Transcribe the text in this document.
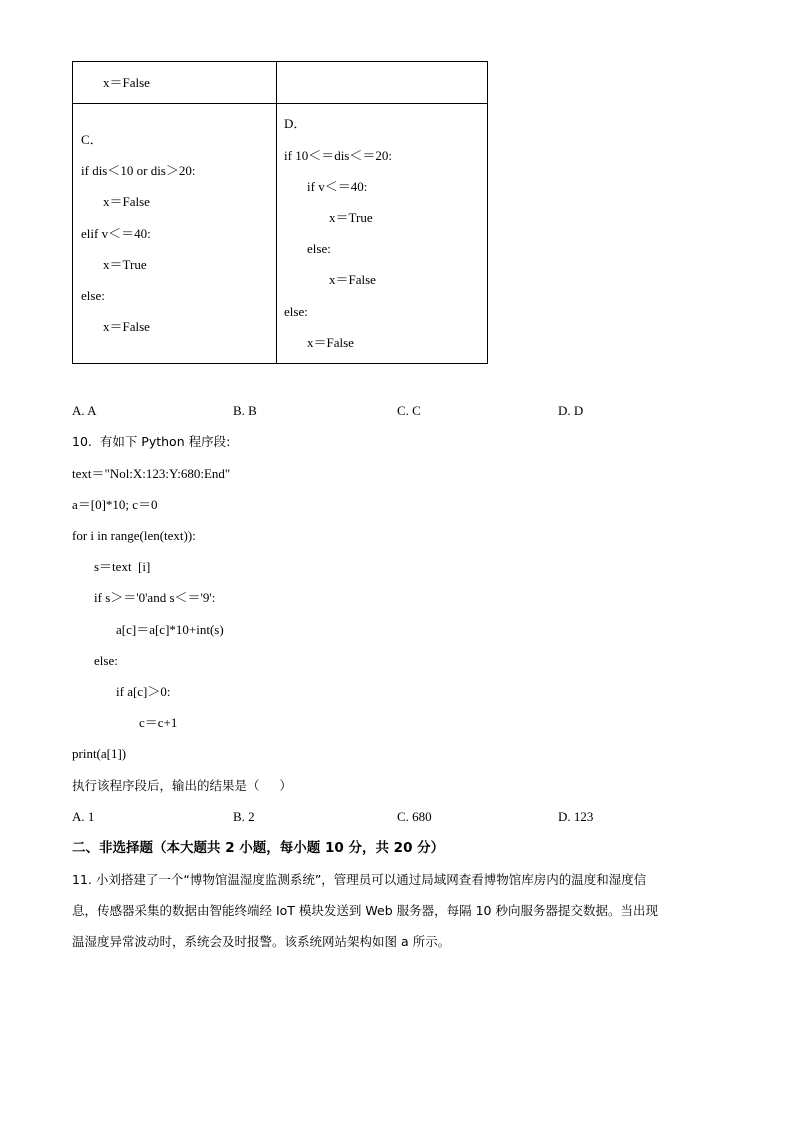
x＝False
C．
if dis＜10 or dis＞20:
x＝False
elif v＜＝40:
x＝True
else:
x＝False
D．
if 10＜＝dis＜＝20:
if v＜＝40:
x＝True
else:
x＝False
else:
x＝False
A. A	B. B	C. C	D. D
10.  有如下 Python 程序段:
text＝"Nol:X:123:Y:680:End"
a＝[0]*10; c＝0
for i in range(len(text)):
s＝text  [i]
if s＞＝'0'and s＜＝'9':
a[c]＝a[c]*10+int(s)
else:
if a[c]＞0:
c＝c+1
print(a[1])
执行该程序段后，输出的结果是（     ）
A. 1	B. 2	C. 680	D. 123
二、非选择题（本大题共 2 小题，每小题 10 分，共 20 分）
11. 小刘搭建了一个“博物馆温湿度监测系统”，管理员可以通过局域网查看博物馆库房内的温度和湿度信
息，传感器采集的数据由智能终端经 IoT 模块发送到 Web 服务器，每隔 10 秒向服务器提交数据。当出现
温湿度异常波动时，系统会及时报警。该系统网站架构如图 a 所示。
